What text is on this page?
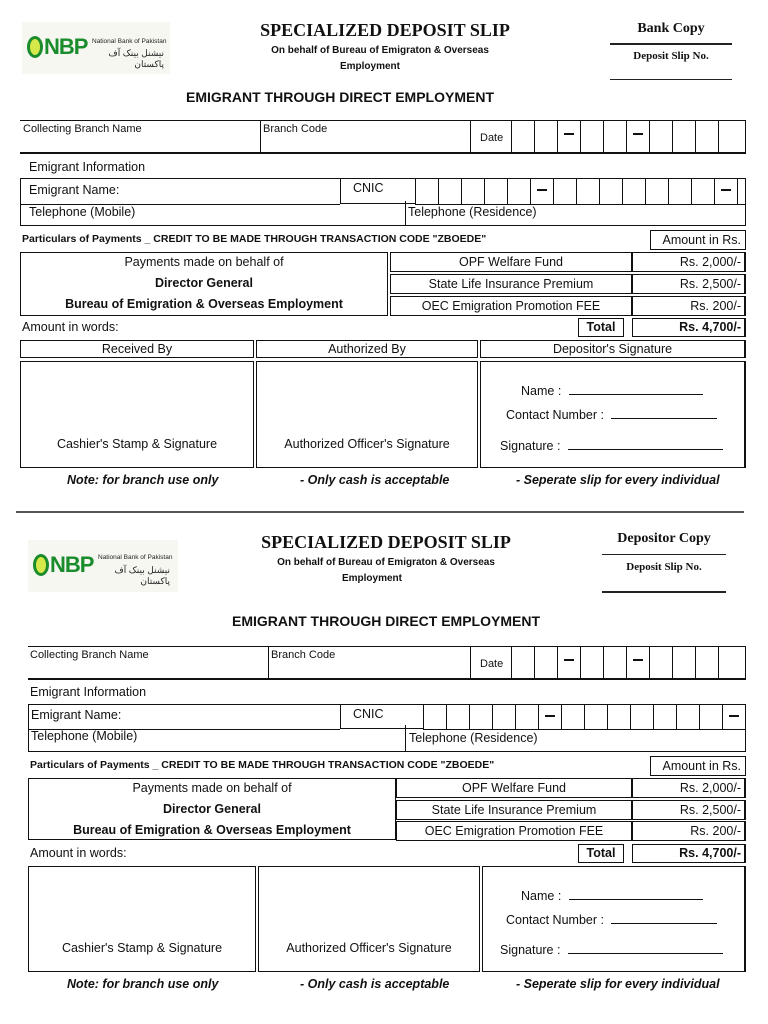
NBP National Bank of Pakistan
نیشنل بینک آف پاکستان
SPECIALIZED DEPOSIT SLIP
On behalf of Bureau of Emigraton & Overseas
Employment
Bank Copy
Deposit Slip No.
EMIGRANT THROUGH DIRECT EMPLOYMENT
Collecting Branch Name	Branch Code
Date
Emigrant Information
Emigrant Name:	CNIC
Telephone (Mobile)	Telephone (Residence)
Particulars of Payments _ CREDIT TO BE MADE THROUGH TRANSACTION CODE "ZBOEDE"	Amount in Rs.
Payments made on behalf of
Director General
Bureau of Emigration & Overseas Employment
OPF Welfare Fund	Rs. 2,000/-
State Life Insurance Premium	Rs. 2,500/-
OEC Emigration Promotion FEE	Rs. 200/-
Amount in words:	Total	Rs. 4,700/-
Received By	Authorized By	Depositor's Signature
Cashier's Stamp & Signature	Authorized Officer's Signature
Name :
Contact Number :
Signature :
Note: for branch use only	- Only cash is acceptable	- Seperate slip for every individual
NBP National Bank of Pakistan
نیشنل بینک آف پاکستان
SPECIALIZED DEPOSIT SLIP
On behalf of Bureau of Emigraton & Overseas
Employment
Depositor Copy
Deposit Slip No.
EMIGRANT THROUGH DIRECT EMPLOYMENT
Collecting Branch Name	Branch Code
Date
Emigrant Information
Emigrant Name:	CNIC
Telephone (Mobile)	Telephone (Residence)
Particulars of Payments _ CREDIT TO BE MADE THROUGH TRANSACTION CODE "ZBOEDE"	Amount in Rs.
Payments made on behalf of
Director General
Bureau of Emigration & Overseas Employment
OPF Welfare Fund	Rs. 2,000/-
State Life Insurance Premium	Rs. 2,500/-
OEC Emigration Promotion FEE	Rs. 200/-
Amount in words:	Total	Rs. 4,700/-
Cashier's Stamp & Signature	Authorized Officer's Signature
Name :
Contact Number :
Signature :
Note: for branch use only	- Only cash is acceptable	- Seperate slip for every individual
